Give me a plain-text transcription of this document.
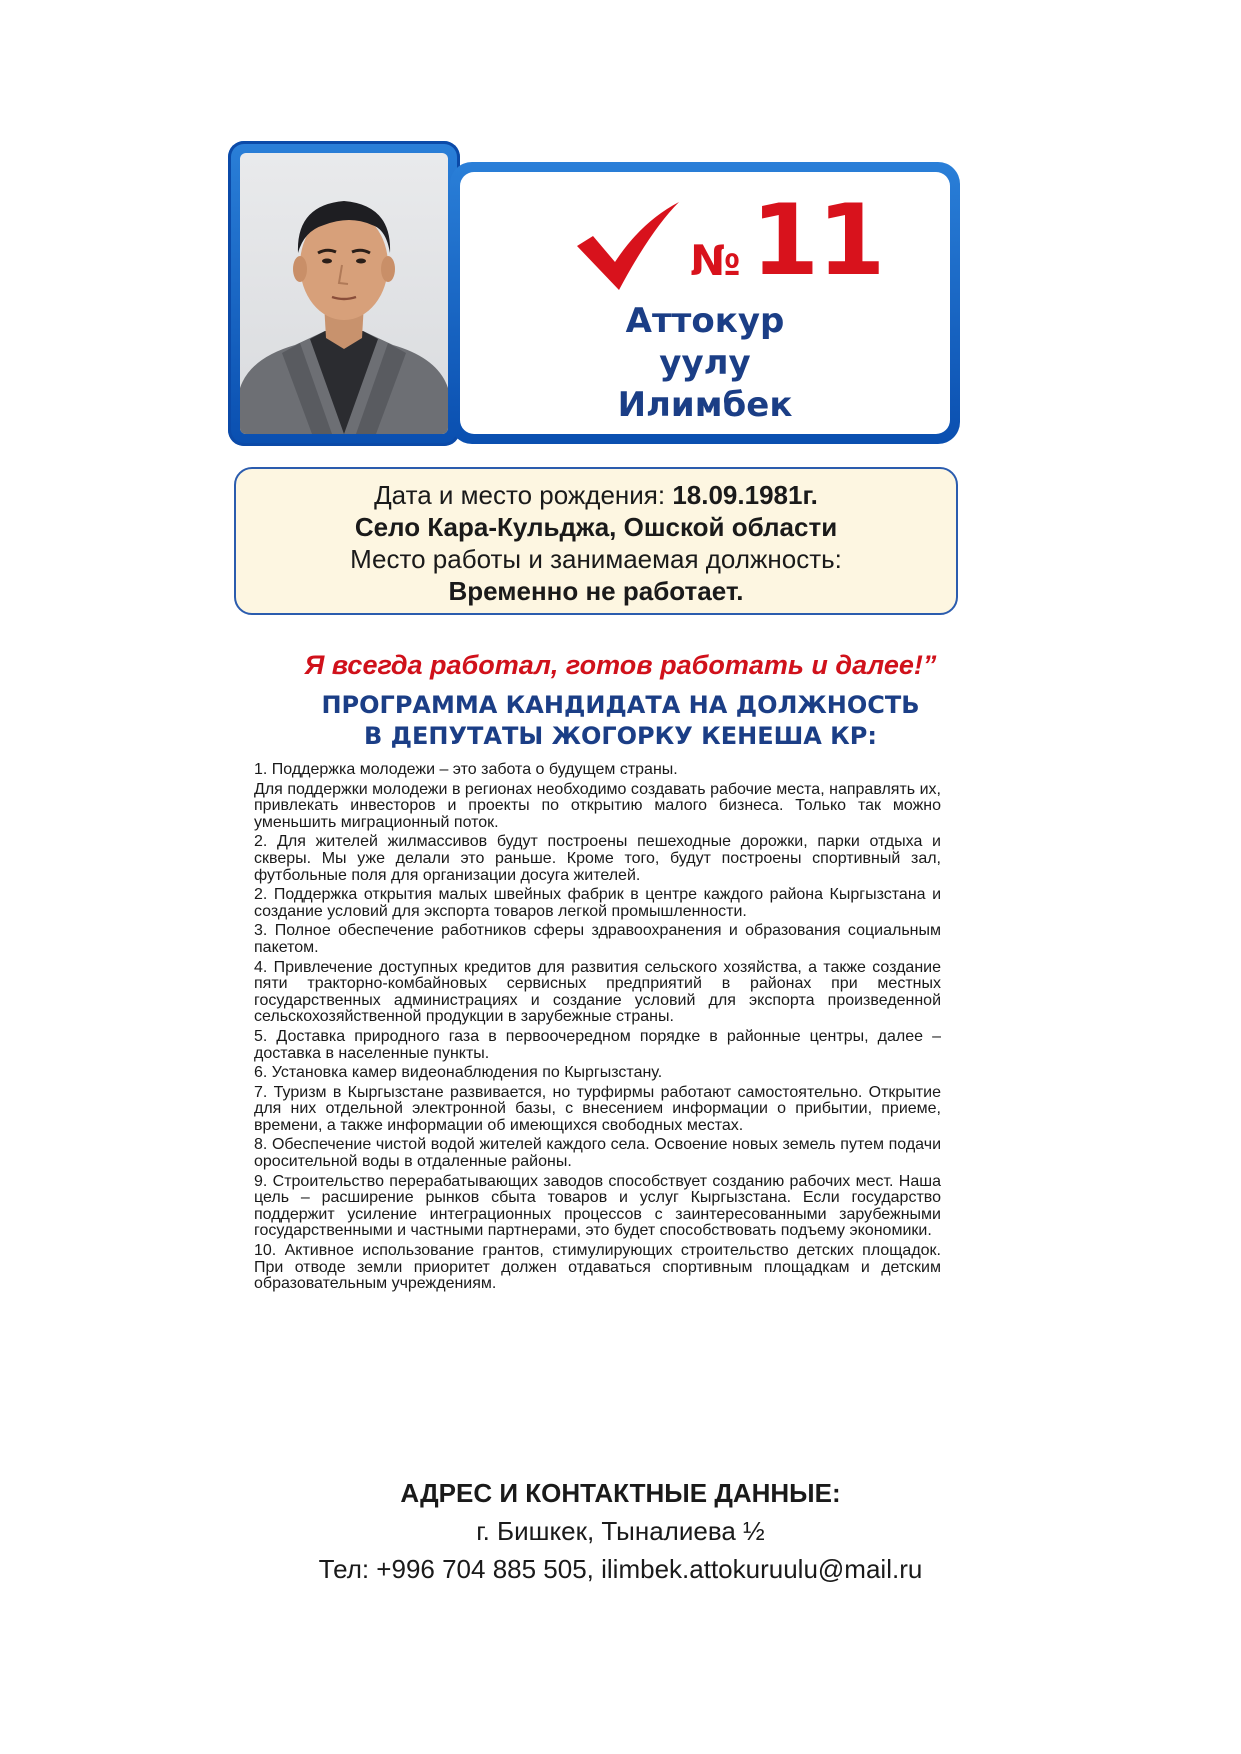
№ 11
Аттокур
уулу
Илимбек
Дата и место рождения: 18.09.1981г.
Село Кара-Кульджа, Ошской области
Место работы и занимаемая должность:
Временно не работает.
Я всегда работал, готов работать и далее!”
ПРОГРАММА КАНДИДАТА НА ДОЛЖНОСТЬ
В ДЕПУТАТЫ ЖОГОРКУ КЕНЕША КР:

1. Поддержка молодежи – это забота о будущем страны.

Для поддержки молодежи в регионах необходимо создавать рабочие места, направлять их, привлекать инвесторов и проекты по открытию малого бизнеса. Только так можно уменьшить миграционный поток.

2. Для жителей жилмассивов будут построены пешеходные дорожки, парки отдыха и скверы. Мы уже делали это раньше. Кроме того, будут построены спортивный зал, футбольные поля для организации досуга жителей.

2. Поддержка открытия малых швейных фабрик в центре каждого района Кыргызстана и создание условий для экспорта товаров легкой промышленности.

3. Полное обеспечение работников сферы здравоохранения и образования социальным пакетом.

4. Привлечение доступных кредитов для развития сельского хозяйства, а также создание пяти тракторно-комбайновых сервисных предприятий в районах при местных государственных администрациях и создание условий для экспорта произведенной сельскохозяйственной продукции в зарубежные страны.

5. Доставка природного газа в первоочередном порядке в районные центры, далее – доставка в населенные пункты.

6. Установка камер видеонаблюдения по Кыргызстану.

7. Туризм в Кыргызстане развивается, но турфирмы работают самостоятельно. Открытие для них отдельной электронной базы, с внесением информации о прибытии, приеме, времени, а также информации об имеющихся свободных местах.

8. Обеспечение чистой водой жителей каждого села. Освоение новых земель путем подачи оросительной воды в отдаленные районы.

9. Строительство перерабатывающих заводов способствует созданию рабочих мест. Наша цель – расширение рынков сбыта товаров и услуг Кыргызстана. Если государство поддержит усиление интеграционных процессов с заинтересованными зарубежными государственными и частными партнерами, это будет способствовать подъему экономики.

10. Активное использование грантов, стимулирующих строительство детских площадок. При отводе земли приоритет должен отдаваться спортивным площадкам и детским образовательным учреждениям.

АДРЕС И КОНТАКТНЫЕ ДАННЫЕ:
г. Бишкек, Тыналиева ½
Тел: +996 704 885 505, ilimbek.attokuruulu@mail.ru
